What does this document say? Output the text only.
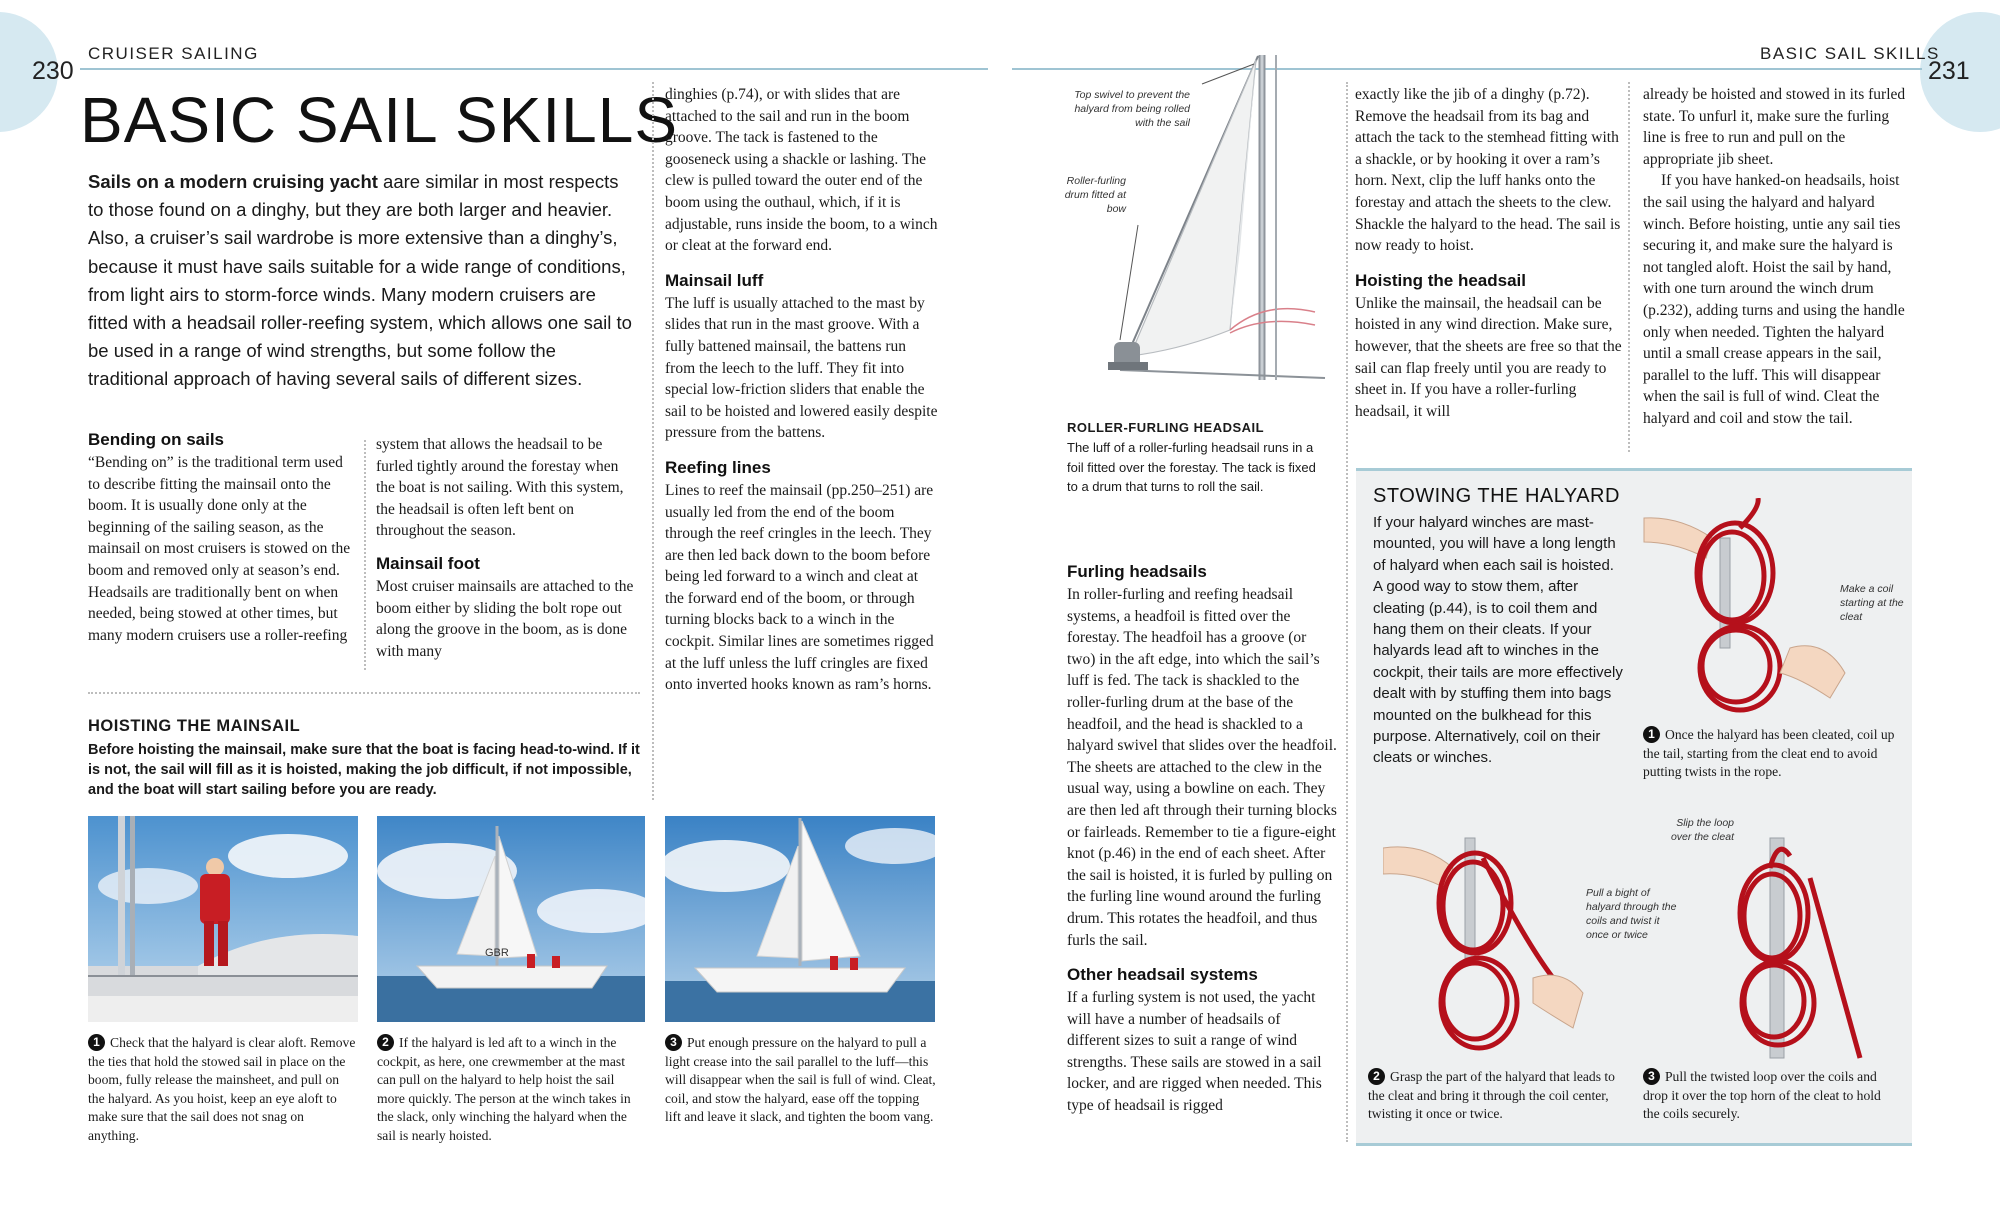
230	231
CRUISER SAILING	BASIC SAIL SKILLS
BASIC SAIL SKILLS

Sails on a modern cruising yacht aare similar in most respects to those found on a dinghy, but they are both larger and heavier. Also, a cruiser’s sail wardrobe is more extensive than a dinghy’s, because it must have sails suitable for a wide range of conditions, from light airs to storm-force winds. Many modern cruisers are fitted with a headsail roller-reefing system, which allows one sail to be used in a range of wind strengths, but some follow the traditional approach of having several sails of different sizes.

Bending on sails

“Bending on” is the traditional term used to describe fitting the mainsail onto the boom. It is usually done only at the beginning of the sailing season, as the mainsail on most cruisers is stowed on the boom and removed only at season’s end. Headsails are traditionally bent on when needed, being stowed at other times, but many modern cruisers use a roller-reefing

system that allows the headsail to be furled tightly around the forestay when the boat is not sailing. With this system, the headsail is often left bent on throughout the season.

Mainsail foot

Most cruiser mainsails are attached to the boom either by sliding the bolt rope out along the groove in the boom, as is done with many

dinghies (p.74), or with slides that are attached to the sail and run in the boom groove. The tack is fastened to the gooseneck using a shackle or lashing. The clew is pulled toward the outer end of the boom using the outhaul, which, if it is adjustable, runs inside the boom, to a winch or cleat at the forward end.

Mainsail luff

The luff is usually attached to the mast by slides that run in the mast groove. With a fully battened mainsail, the battens run from the leech to the luff. They fit into special low-friction sliders that enable the sail to be hoisted and lowered easily despite pressure from the battens.

Reefing lines

Lines to reef the mainsail (pp.250–251) are usually led from the end of the boom through the reef cringles in the leech. They are then led back down to the boom before being led forward to a winch and cleat at the forward end of the boom, or through turning blocks back to a winch in the cockpit. Similar lines are sometimes rigged at the luff unless the luff cringles are fixed onto inverted hooks known as ram’s horns.

HOISTING THE MAINSAIL

Before hoisting the mainsail, make sure that the boat is facing head-to-wind. If it is not, the sail will fill as it is hoisted, making the job difficult, if not impossible, and the boat will start sailing before you are ready.

GBR

1 Check that the halyard is clear aloft. Remove the ties that hold the stowed sail in place on the boom, fully release the mainsheet, and pull on the halyard. As you hoist, keep an eye aloft to make sure that the sail does not snag on anything.

2 If the halyard is led aft to a winch in the cockpit, as here, one crewmember at the mast can pull on the halyard to help hoist the sail more quickly. The person at the winch takes in the slack, only winching the halyard when the sail is nearly hoisted.

3 Put enough pressure on the halyard to pull a light crease into the sail parallel to the luff—this will disappear when the sail is full of wind. Cleat, coil, and stow the halyard, ease off the topping lift and leave it slack, and tighten the boom vang.

Top swivel to prevent the halyard from being rolled with the sail
Roller-furling drum fitted at bow
ROLLER-FURLING HEADSAIL

The luff of a roller-furling headsail runs in a foil fitted over the forestay. The tack is fixed to a drum that turns to roll the sail.

Furling headsails

In roller-furling and reefing headsail systems, a headfoil is fitted over the forestay. The headfoil has a groove (or two) in the aft edge, into which the sail’s luff is fed. The tack is shackled to the roller-furling drum at the base of the headfoil, and the head is shackled to a halyard swivel that slides over the headfoil. The sheets are attached to the clew in the usual way, using a bowline on each. They are then led aft through their turning blocks or fairleads. Remember to tie a figure-eight knot (p.46) in the end of each sheet. After the sail is hoisted, it is furled by pulling on the furling line wound around the furling drum. This rotates the headfoil, and thus furls the sail.

Other headsail systems

If a furling system is not used, the yacht will have a number of headsails of different sizes to suit a range of wind strengths. These sails are stowed in a sail locker, and are rigged when needed. This type of headsail is rigged

exactly like the jib of a dinghy (p.72). Remove the headsail from its bag and attach the tack to the stemhead fitting with a shackle, or by hooking it over a ram’s horn. Next, clip the luff hanks onto the forestay and attach the sheets to the clew. Shackle the halyard to the head. The sail is now ready to hoist.

Hoisting the headsail

Unlike the mainsail, the headsail can be hoisted in any wind direction. Make sure, however, that the sheets are free so that the sail can flap freely until you are ready to sheet in. If you have a roller-furling headsail, it will

already be hoisted and stowed in its furled state. To unfurl it, make sure the furling line is free to run and pull on the appropriate jib sheet.

If you have hanked-on headsails, hoist the sail using the halyard and halyard winch. Before hoisting, untie any sail ties securing it, and make sure the halyard is not tangled aloft. Hoist the sail by hand, with one turn around the winch drum (p.232), adding turns and using the handle only when needed. Tighten the halyard until a small crease appears in the sail, parallel to the luff. This will disappear when the sail is full of wind. Cleat the halyard and coil and stow the tail.

STOWING THE HALYARD

If your halyard winches are mast-mounted, you will have a long length of halyard when each sail is hoisted. A good way to stow them, after cleating (p.44), is to coil them and hang them on their cleats. If your halyards lead aft to winches in the cockpit, their tails are more effectively dealt with by stuffing them into bags mounted on the bulkhead for this purpose. Alternatively, coil on their cleats or winches.

Make a coil starting at the cleat

1 Once the halyard has been cleated, coil up the tail, starting from the cleat end to avoid putting twists in the rope.

Pull a bight of halyard through the coils and twist it once or twice
Slip the loop over the cleat

2 Grasp the part of the halyard that leads to the cleat and bring it through the coil center, twisting it once or twice.

3 Pull the twisted loop over the coils and drop it over the top horn of the cleat to hold the coils securely.
